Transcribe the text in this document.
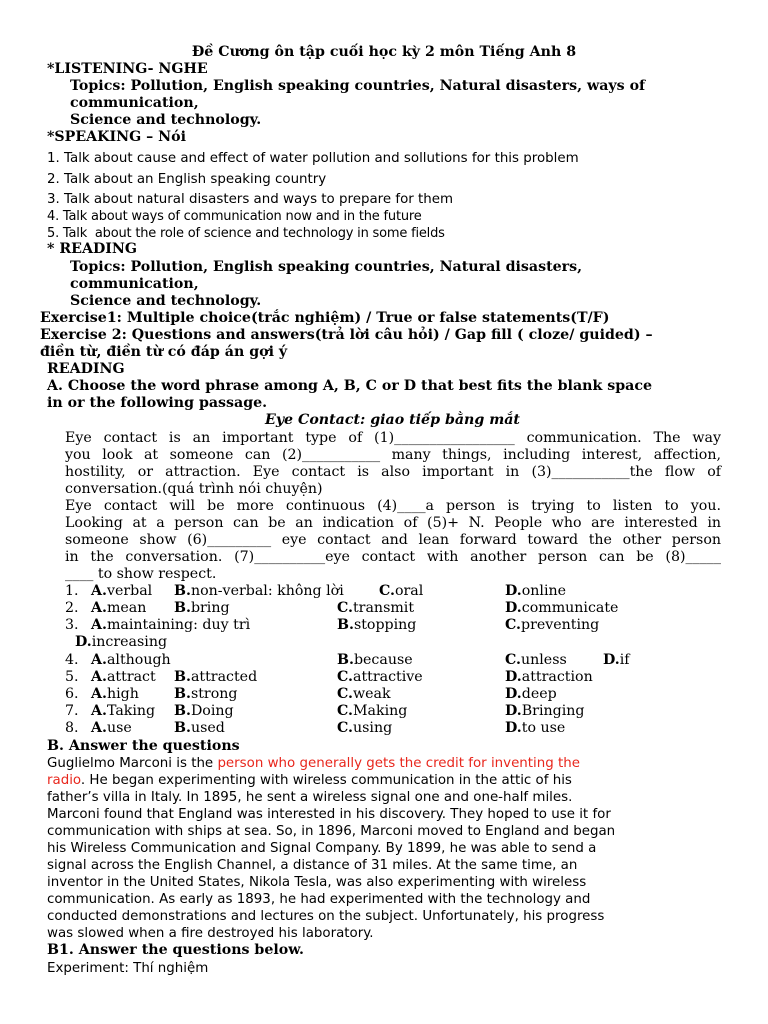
Đề Cương ôn tập cuối học kỳ 2 môn Tiếng Anh 8
*LISTENING- NGHE
Topics: Pollution, English speaking countries, Natural disasters, ways of
communication,
Science and technology.
*SPEAKING – Nói
1. Talk about cause and effect of water pollution and sollutions for this problem
2. Talk about an English speaking country
3. Talk about natural disasters and ways to prepare for them
4. Talk about ways of communication now and in the future
5. Talk  about the role of science and technology in some fields
* READING
Topics: Pollution, English speaking countries, Natural disasters,
communication,
Science and technology.
Exercise1: Multiple choice(trắc nghiệm) / True or false statements(T/F)
Exercise 2: Questions and answers(trả lời câu hỏi) / Gap fill ( cloze/ guided) –
điền từ, điền từ có đáp án gợi ý
READING
A. Choose the word phrase among A, B, C or D that best fits the blank space
in or the following passage.
Eye Contact: giao tiếp bằng mắt
Eye contact is an important type of (1)_________________ communication. The way
you look at someone can (2)___________ many things, including interest, affection,
hostility, or attraction. Eye contact is also important in (3)___________the flow of
conversation.(quá trình nói chuyện)
Eye contact will be more continuous (4)____a person is trying to listen to you.
Looking at a person can be an indication of (5)+ N. People who are interested in
someone show (6)_________ eye contact and lean forward toward the other person
in the conversation. (7)__________eye contact with another person can be (8)_____
____ to show respect.
1. A.verbal B.non-verbal: không lời C.oral	D.online
2. A.mean B.bring	C.transmit	D.communicate
3. A.maintaining: duy trì	B.stopping	C.preventing
D.increasing
4. A.although	B.because	C.unless	D.if
5. A.attract B.attracted	C.attractive	D.attraction
6. A.high B.strong	C.weak	D.deep
7. A.Taking B.Doing	C.Making	D.Bringing
8. A.use	B.used	C.using	D.to use
B. Answer the questions
Guglielmo Marconi is the person who generally gets the credit for inventing the
radio. He began experimenting with wireless communication in the attic of his
father’s villa in Italy. In 1895, he sent a wireless signal one and one-half miles.
Marconi found that England was interested in his discovery. They hoped to use it for
communication with ships at sea. So, in 1896, Marconi moved to England and began
his Wireless Communication and Signal Company. By 1899, he was able to send a
signal across the English Channel, a distance of 31 miles. At the same time, an
inventor in the United States, Nikola Tesla, was also experimenting with wireless
communication. As early as 1893, he had experimented with the technology and
conducted demonstrations and lectures on the subject. Unfortunately, his progress
was slowed when a fire destroyed his laboratory.
B1. Answer the questions below.
Experiment: Thí nghiệm
